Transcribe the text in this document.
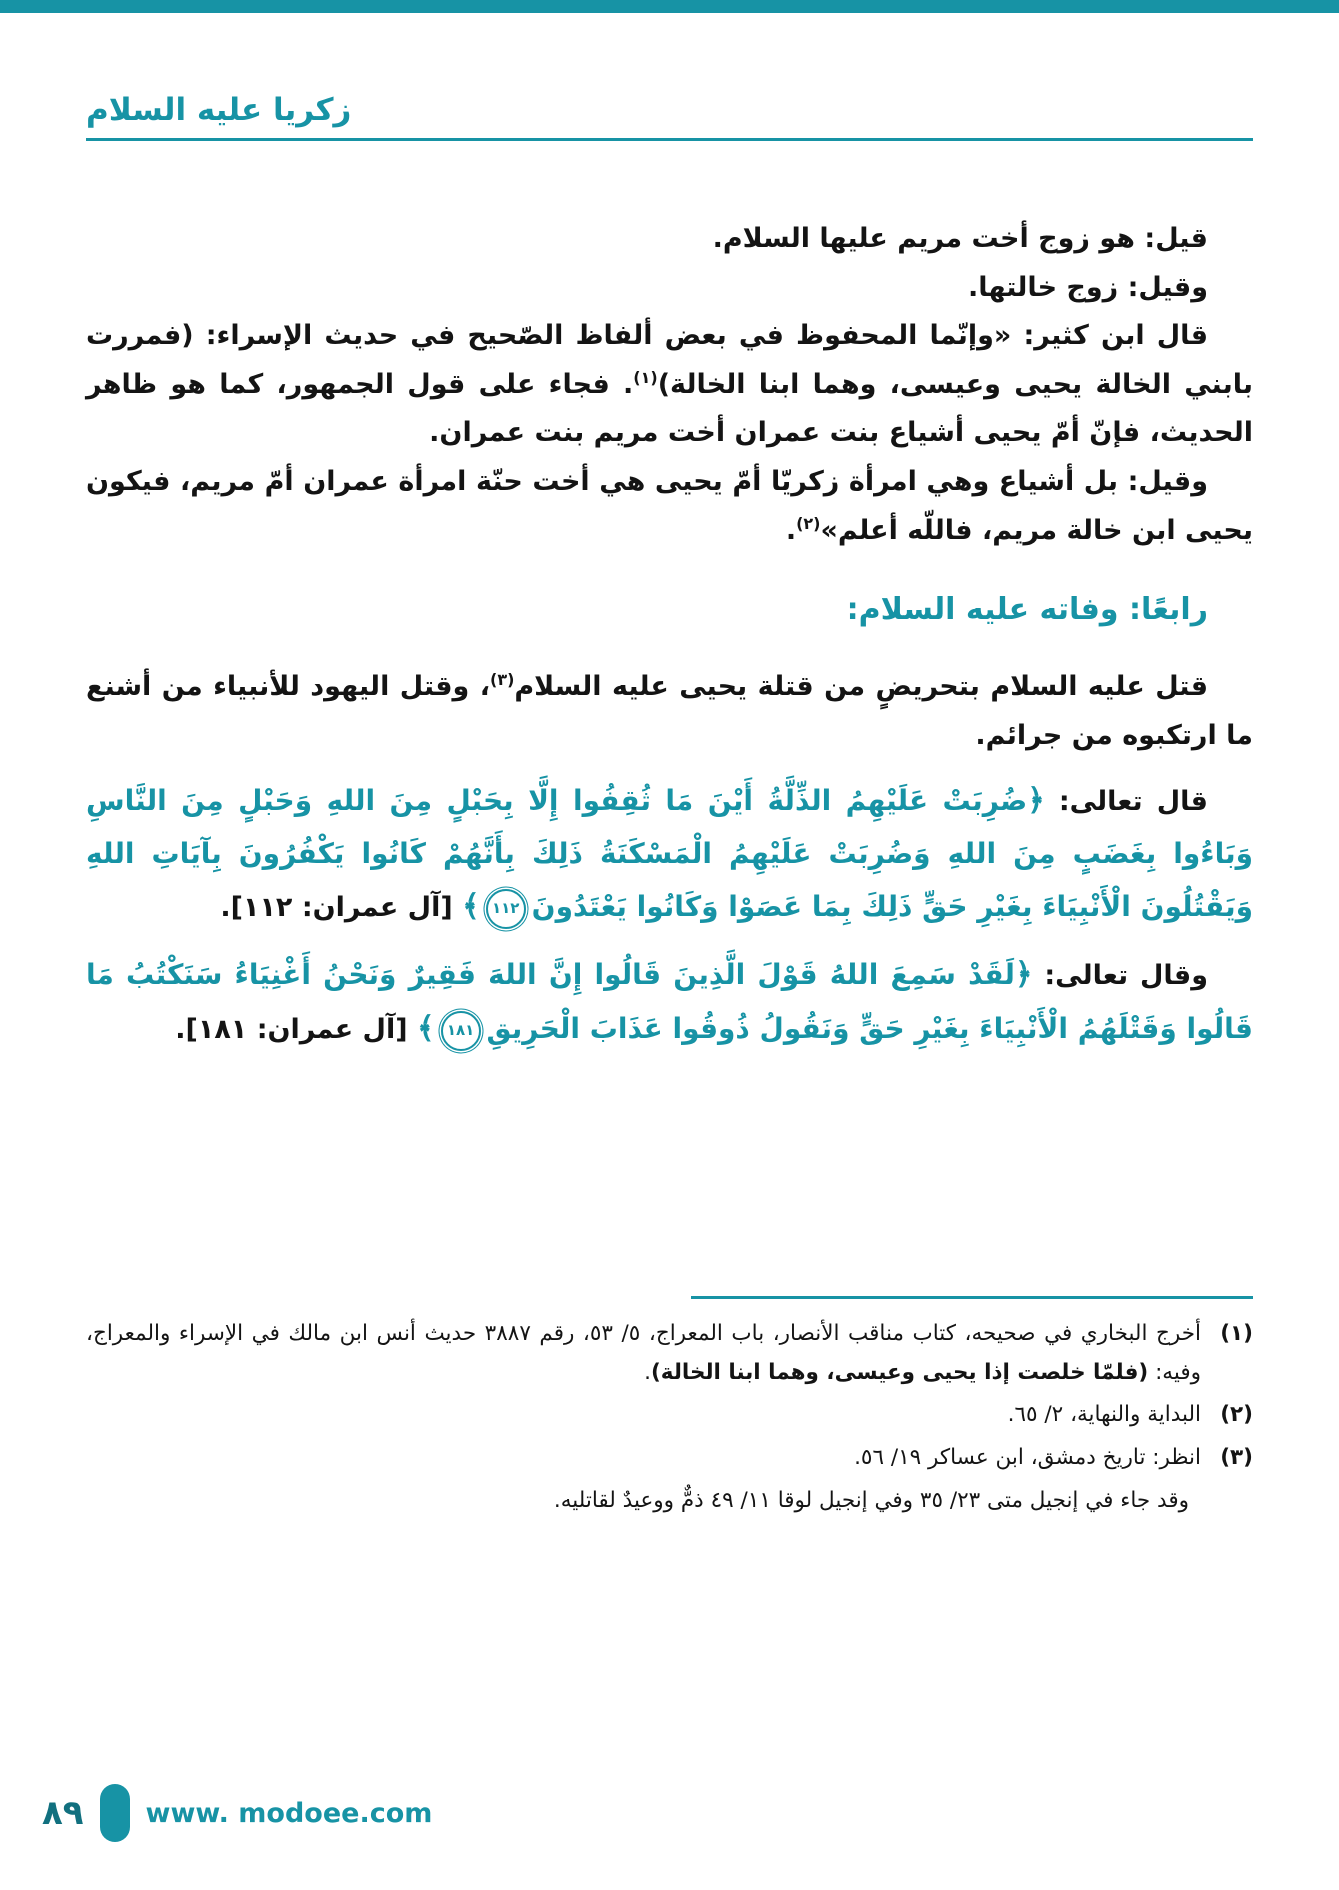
زكريا عليه السلام

قيل: هو زوج أخت مريم عليها السلام.

وقيل: زوج خالتها.

قال ابن كثير: «وإنّما المحفوظ في بعض ألفاظ الصّحيح في حديث الإسراء: (فمررت بابني الخالة يحيى وعيسى، وهما ابنا الخالة)$^{(١)}$. فجاء على قول الجمهور، كما هو ظاهر الحديث، فإنّ أمّ يحيى أشياع بنت عمران أخت مريم بنت عمران.

وقيل: بل أشياع وهي امرأة زكريّا أمّ يحيى هي أخت حنّة امرأة عمران أمّ مريم، فيكون يحيى ابن خالة مريم، فاللّه أعلم»$^{(٢)}$.

رابعًا: وفاته عليه السلام:

قتل عليه السلام بتحريضٍ من قتلة يحيى عليه السلام$^{(٣)}$، وقتل اليهود للأنبياء من أشنع ما ارتكبوه من جرائم.

قال تعالى: ﴿ضُرِبَتْ عَلَيْهِمُ الذِّلَّةُ أَيْنَ مَا ثُقِفُوا إِلَّا بِحَبْلٍ مِنَ اللهِ وَحَبْلٍ مِنَ النَّاسِ وَبَاءُوا بِغَضَبٍ مِنَ اللهِ وَضُرِبَتْ عَلَيْهِمُ الْمَسْكَنَةُ ذَلِكَ بِأَنَّهُمْ كَانُوا يَكْفُرُونَ بِآيَاتِ اللهِ وَيَقْتُلُونَ الْأَنْبِيَاءَ بِغَيْرِ حَقٍّ ذَلِكَ بِمَا عَصَوْا وَكَانُوا يَعْتَدُونَ١١٢﴾ [آل عمران: ١١٢].

وقال تعالى: ﴿لَقَدْ سَمِعَ اللهُ قَوْلَ الَّذِينَ قَالُوا إِنَّ اللهَ فَقِيرٌ وَنَحْنُ أَغْنِيَاءُ سَنَكْتُبُ مَا قَالُوا وَقَتْلَهُمُ الْأَنْبِيَاءَ بِغَيْرِ حَقٍّ وَنَقُولُ ذُوقُوا عَذَابَ الْحَرِيقِ١٨١﴾ [آل عمران: ١٨١].

(١)
أخرج البخاري في صحيحه، كتاب مناقب الأنصار، باب المعراج، ٥/ ٥٣، رقم ٣٨٨٧ حديث أنس ابن مالك في الإسراء والمعراج، وفيه: (فلمّا خلصت إذا يحيى وعيسى، وهما ابنا الخالة).
(٢)
البداية والنهاية، ٢/ ٦٥.
(٣)
انظر: تاريخ دمشق، ابن عساكر ١٩/ ٥٦.
وقد جاء في إنجيل متى ٢٣/ ٣٥ وفي إنجيل لوقا ١١/ ٤٩ ذمٌّ ووعيدٌ لقاتليه.
٨٩ www. modoee.com
